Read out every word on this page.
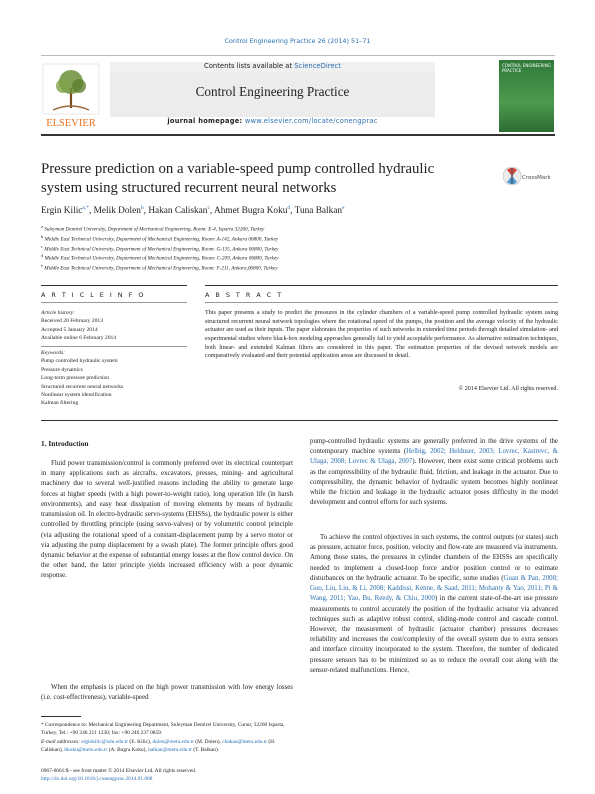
Control Engineering Practice 26 (2014) 51–71
ELSEVIER
Contents lists available at ScienceDirect
Control Engineering Practice
journal homepage: www.elsevier.com/locate/conengprac
CONTROL ENGINEERING PRACTICE
Pressure prediction on a variable-speed pump controlled hydraulic
system using structured recurrent neural networks
CrossMark
Ergin Kilic$^{a,*}$, Melik Dolen$^b$, Hakan Caliskan$^c$, Ahmet Bugra Koku$^d$, Tuna Balkan$^e$
$^a$ Suleyman Demirel University, Department of Mechanical Engineering, Room: E-4, Isparta 32260, Turkey
$^b$ Middle East Technical University, Department of Mechanical Engineering, Room: A-142, Ankara 06800, Turkey
$^c$ Middle East Technical University, Department of Mechanical Engineering, Room: G-135, Ankara 06800, Turkey
$^d$ Middle East Technical University, Department of Mechanical Engineering, Room: C-209, Ankara 06800, Turkey
$^e$ Middle East Technical University, Department of Mechanical Engineering, Room: F-211, Ankara,06800, Turkey
A R T I C L E I N F O	A B S T R A C T
Article history:
Received 20 February 2013
Accepted 5 January 2014
Available online 6 February 2014
Keywords:
Pump controlled hydraulic system
Pressure dynamics
Long-term pressure prediction
Structured recurrent neural networks
Nonlinear system identification
Kalman filtering
This paper presents a study to predict the pressures in the cylinder chambers of a variable-speed pump controlled hydraulic system using structured recurrent neural network topologies where the rotational speed of the pumps, the position and the average velocity of the hydraulic actuator are used as their inputs. The paper elaborates the properties of such networks in extended time periods through detailed simulation- and experimental studies where black-box modeling approaches generally fail to yield acceptable performance. As alternative estimation techniques, both linear- and extended Kalman filters are considered in this paper. The estimation properties of the devised network models are comparatively evaluated and their potential application areas are discussed in detail.
© 2014 Elsevier Ltd. All rights reserved.
1. Introduction
Fluid power transmission/control is commonly preferred over its electrical counterpart in many applications such as aircrafts, excavators, presses, mining- and agricultural machinery due to several well-justified reasons including the ability to generate large forces at higher speeds (with a high power-to-weight ratio), long operation life (in harsh environments), and easy heat dissipation of moving elements by means of hydraulic transmission oil. In electro-hydraulic servo-systems (EHSSs), the hydraulic power is either controlled by throttling principle (using servo-valves) or by volumetric control principle (via adjusting the rotational speed of a constant-displacement pump by a servo motor or via adjusting the pump displacement by a swash plate). The former principle offers good dynamic behavior at the expense of substantial energy losses at the flow control device. On the other hand, the latter principle yields increased efficiency with a poor dynamic response.
When the emphasis is placed on the high power transmission with low energy losses (i.e. cost-effectiveness), variable-speed
pump-controlled hydraulic systems are generally preferred in the drive systems of the contemporary machine systems (Helbig, 2002; Helduser, 2003; Lovrec, Kastrevc, & Ulaga, 2008; Lovrec & Ulaga, 2007). However, there exist some critical problems such as the compressibility of the hydraulic fluid, friction, and leakage in the actuator. Due to compressibility, the dynamic behavior of hydraulic system becomes highly nonlinear while the friction and leakage in the hydraulic actuator poses difficulty in the model development and control efforts for such systems.
To achieve the control objectives in such systems, the control outputs (or states) such as pressure, actuator force, position, velocity and flow-rate are measured via instruments. Among those states, the pressures in cylinder chambers of the EHSSs are specifically needed to implement a closed-loop force and/or position control or to estimate disturbances on the hydraulic actuator. To be specific, some studies (Guan & Pan, 2008; Guo, Liu, Liu, & Li, 2008; Kaddissi, Kenne, & Saad, 2011; Mohanty & Yao, 2011; Pi & Wang, 2011; Yao, Bu, Reedy, & Chiu, 2000) in the current state-of-the-art use pressure measurements to control accurately the position of the hydraulic actuator via advanced techniques such as adaptive robust control, sliding-mode control and cascade control. However, the measurement of hydraulic (actuator chamber) pressures decreases reliability and increases the cost/complexity of the overall system due to extra sensors and interface circuitry incorporated to the system. Therefore, the number of dedicated pressure sensors has to be minimized so as to reduce the overall cost along with the sensor-related malfunctions. Hence,
* Correspondence to: Mechanical Engineering Department, Suleyman Demirel University, Cunur, 32260 Isparta, Turkey. Tel.: +90 246 211 1230; fax: +90 246 237 0859.
E-mail addresses: erginkilic@sdu.edu.tr (E. Kilic), dolen@metu.edu.tr (M. Dolen), chakan@metu.edu.tr (H. Caliskan), bkoku@metu.edu.tr (A. Bugra Koku), balkan@metu.edu.tr (T. Balkan).
0967-0661/$ - see front matter © 2014 Elsevier Ltd. All rights reserved.
http://dx.doi.org/10.1016/j.conengprac.2014.01.008
